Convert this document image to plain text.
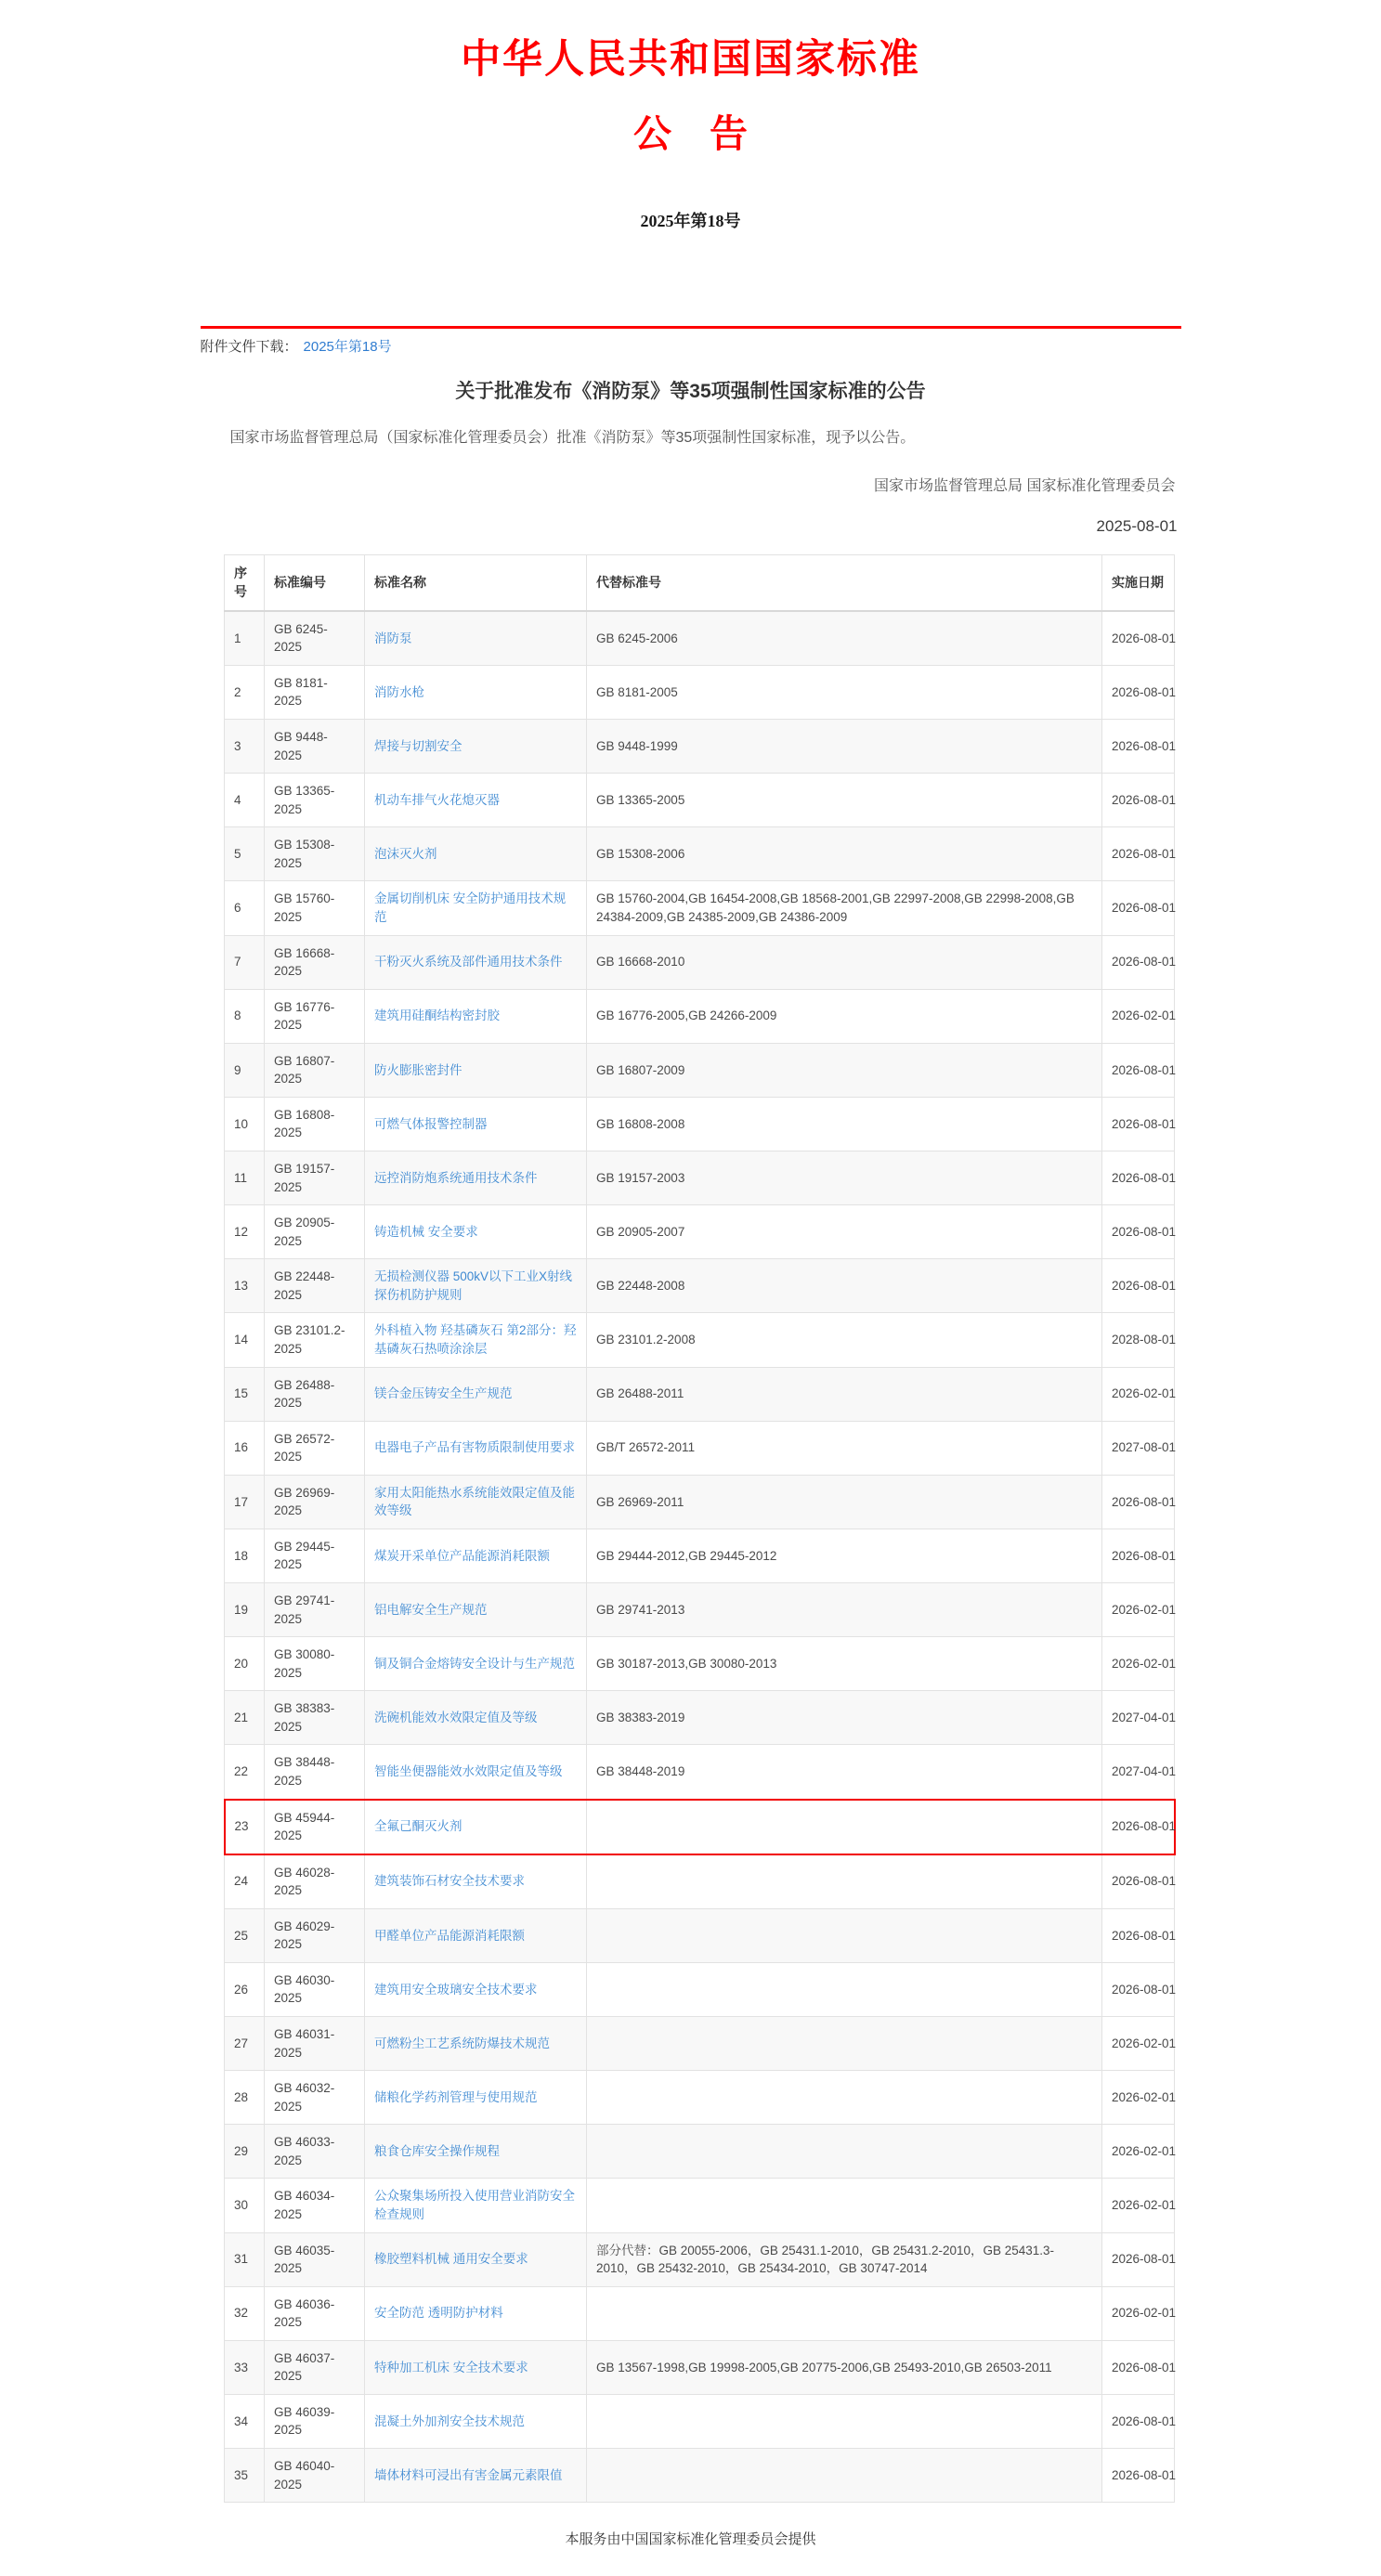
中华人民共和国国家标准
公　告
2025年第18号
附件文件下载： 2025年第18号
关于批准发布《消防泵》等35项强制性国家标准的公告

国家市场监督管理总局（国家标准化管理委员会）批准《消防泵》等35项强制性国家标准，现予以公告。

国家市场监督管理总局 国家标准化管理委员会
2025-08-01
序号	标准编号	标准名称	代替标准号	实施日期
1	GB 6245-2025	消防泵	GB 6245-2006	2026-08-01
2	GB 8181-2025	消防水枪	GB 8181-2005	2026-08-01
3	GB 9448-2025	焊接与切割安全	GB 9448-1999	2026-08-01
4	GB 13365-2025	机动车排气火花熄灭器	GB 13365-2005	2026-08-01
5	GB 15308-2025	泡沫灭火剂	GB 15308-2006	2026-08-01
6	GB 15760-2025	金属切削机床 安全防护通用技术规范	GB 15760-2004,GB 16454-2008,GB 18568-2001,GB 22997-2008,GB 22998-2008,GB 24384-2009,GB 24385-2009,GB 24386-2009	2026-08-01
7	GB 16668-2025	干粉灭火系统及部件通用技术条件	GB 16668-2010	2026-08-01
8	GB 16776-2025	建筑用硅酮结构密封胶	GB 16776-2005,GB 24266-2009	2026-02-01
9	GB 16807-2025	防火膨胀密封件	GB 16807-2009	2026-08-01
10	GB 16808-2025	可燃气体报警控制器	GB 16808-2008	2026-08-01
11	GB 19157-2025	远控消防炮系统通用技术条件	GB 19157-2003	2026-08-01
12	GB 20905-2025	铸造机械 安全要求	GB 20905-2007	2026-08-01
13	GB 22448-2025	无损检测仪器 500kV以下工业X射线探伤机防护规则	GB 22448-2008	2026-08-01
14	GB 23101.2-2025	外科植入物 羟基磷灰石 第2部分：羟基磷灰石热喷涂涂层	GB 23101.2-2008	2028-08-01
15	GB 26488-2025	镁合金压铸安全生产规范	GB 26488-2011	2026-02-01
16	GB 26572-2025	电器电子产品有害物质限制使用要求	GB/T 26572-2011	2027-08-01
17	GB 26969-2025	家用太阳能热水系统能效限定值及能效等级	GB 26969-2011	2026-08-01
18	GB 29445-2025	煤炭开采单位产品能源消耗限额	GB 29444-2012,GB 29445-2012	2026-08-01
19	GB 29741-2025	铝电解安全生产规范	GB 29741-2013	2026-02-01
20	GB 30080-2025	铜及铜合金熔铸安全设计与生产规范	GB 30187-2013,GB 30080-2013	2026-02-01
21	GB 38383-2025	洗碗机能效水效限定值及等级	GB 38383-2019	2027-04-01
22	GB 38448-2025	智能坐便器能效水效限定值及等级	GB 38448-2019	2027-04-01
23	GB 45944-2025	全氟己酮灭火剂		2026-08-01
24	GB 46028-2025	建筑装饰石材安全技术要求		2026-08-01
25	GB 46029-2025	甲醛单位产品能源消耗限额		2026-08-01
26	GB 46030-2025	建筑用安全玻璃安全技术要求		2026-08-01
27	GB 46031-2025	可燃粉尘工艺系统防爆技术规范		2026-02-01
28	GB 46032-2025	储粮化学药剂管理与使用规范		2026-02-01
29	GB 46033-2025	粮食仓库安全操作规程		2026-02-01
30	GB 46034-2025	公众聚集场所投入使用营业消防安全检查规则		2026-02-01
31	GB 46035-2025	橡胶塑料机械 通用安全要求	部分代替：GB 20055-2006，GB 25431.1-2010，GB 25431.2-2010，GB 25431.3-2010，GB 25432-2010，GB 25434-2010，GB 30747-2014	2026-08-01
32	GB 46036-2025	安全防范 透明防护材料		2026-02-01
33	GB 46037-2025	特种加工机床 安全技术要求	GB 13567-1998,GB 19998-2005,GB 20775-2006,GB 25493-2010,GB 26503-2011	2026-08-01
34	GB 46039-2025	混凝土外加剂安全技术规范		2026-08-01
35	GB 46040-2025	墙体材料可浸出有害金属元素限值		2026-08-01
本服务由中国国家标准化管理委员会提供
